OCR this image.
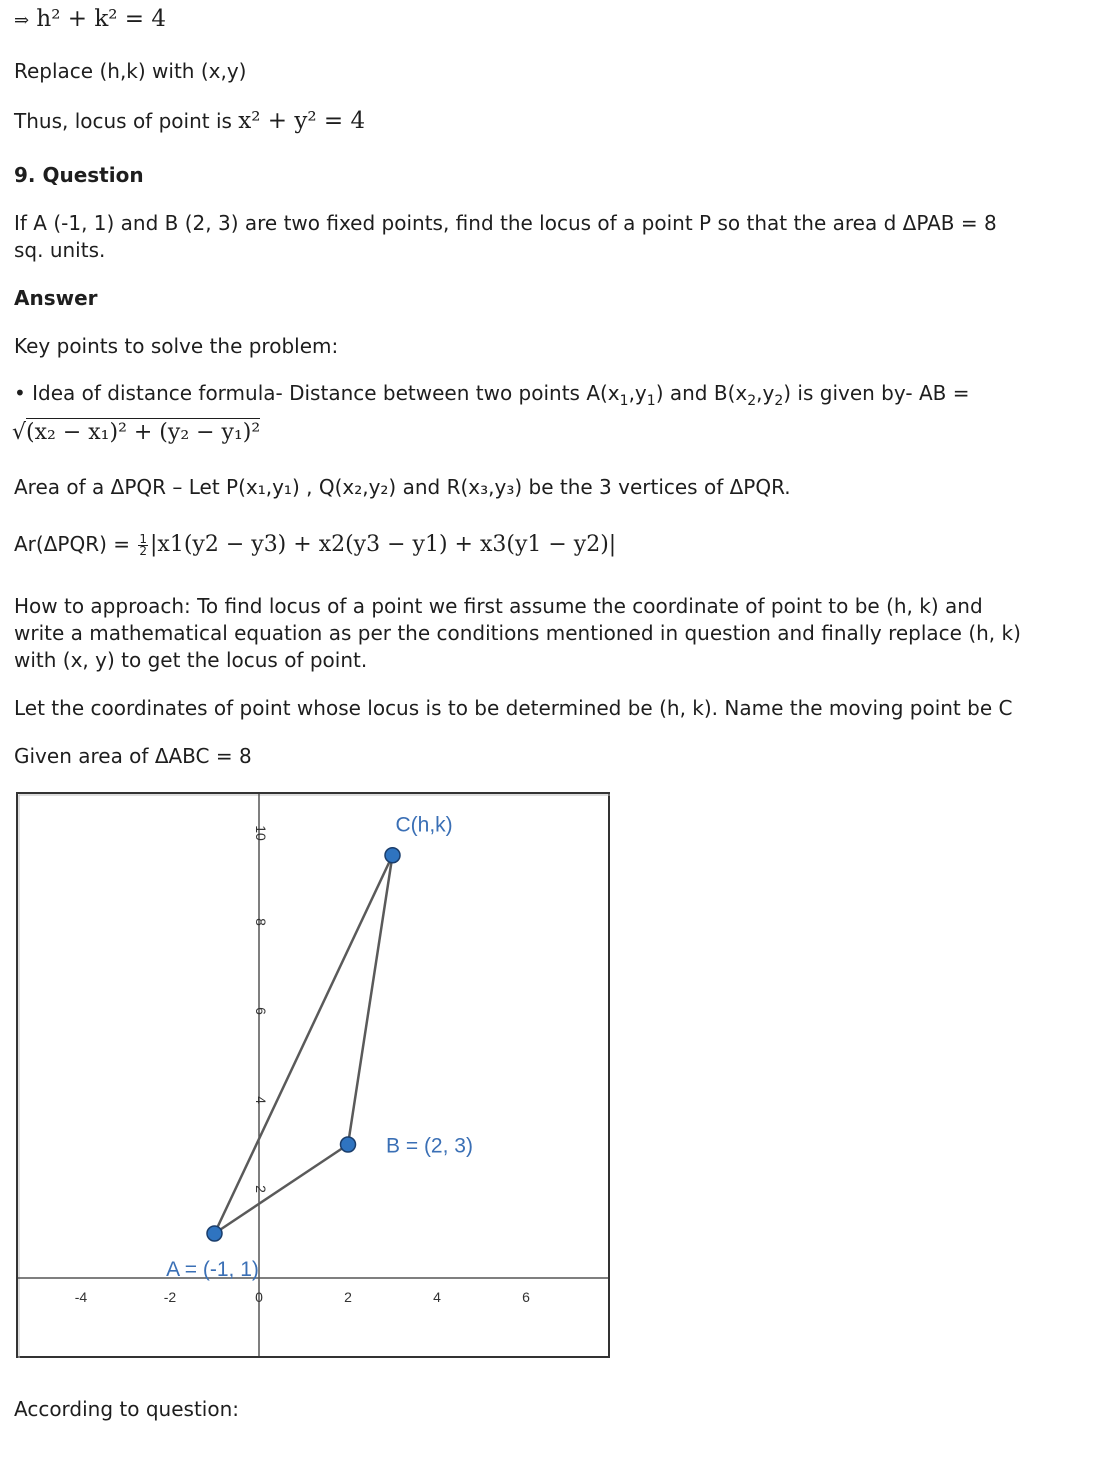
⇒ h² + k² = 4
Replace (h,k) with (x,y)
Thus, locus of point is x² + y² = 4
9. Question
If A (-1, 1) and B (2, 3) are two fixed points, find the locus of a point P so that the area d ΔPAB = 8
sq. units.
Answer
Key points to solve the problem:
• Idea of distance formula- Distance between two points $A(x_1,y_1)$ and $B(x_2,y_2)$ is given by- AB =
√(x₂ − x₁)² + (y₂ − y₁)²
Area of a ΔPQR – Let P(x₁,y₁) , Q(x₂,y₂) and R(x₃,y₃) be the 3 vertices of ΔPQR.
$Ar(\Delta PQR) = \frac{1}{2} |x1(y2 - y3) + x2(y3 - y1) + x3(y1 - y2)|$
How to approach: To find locus of a point we first assume the coordinate of point to be (h, k) and
write a mathematical equation as per the conditions mentioned in question and finally replace (h, k)
with (x, y) to get the locus of point.
Let the coordinates of point whose locus is to be determined be (h, k). Name the moving point be C
Given area of ΔABC = 8
-4	-2	0	2	4	6
2
4
6
8
10
A = (-1, 1)
B = (2, 3)
C(h,k)
According to question:
